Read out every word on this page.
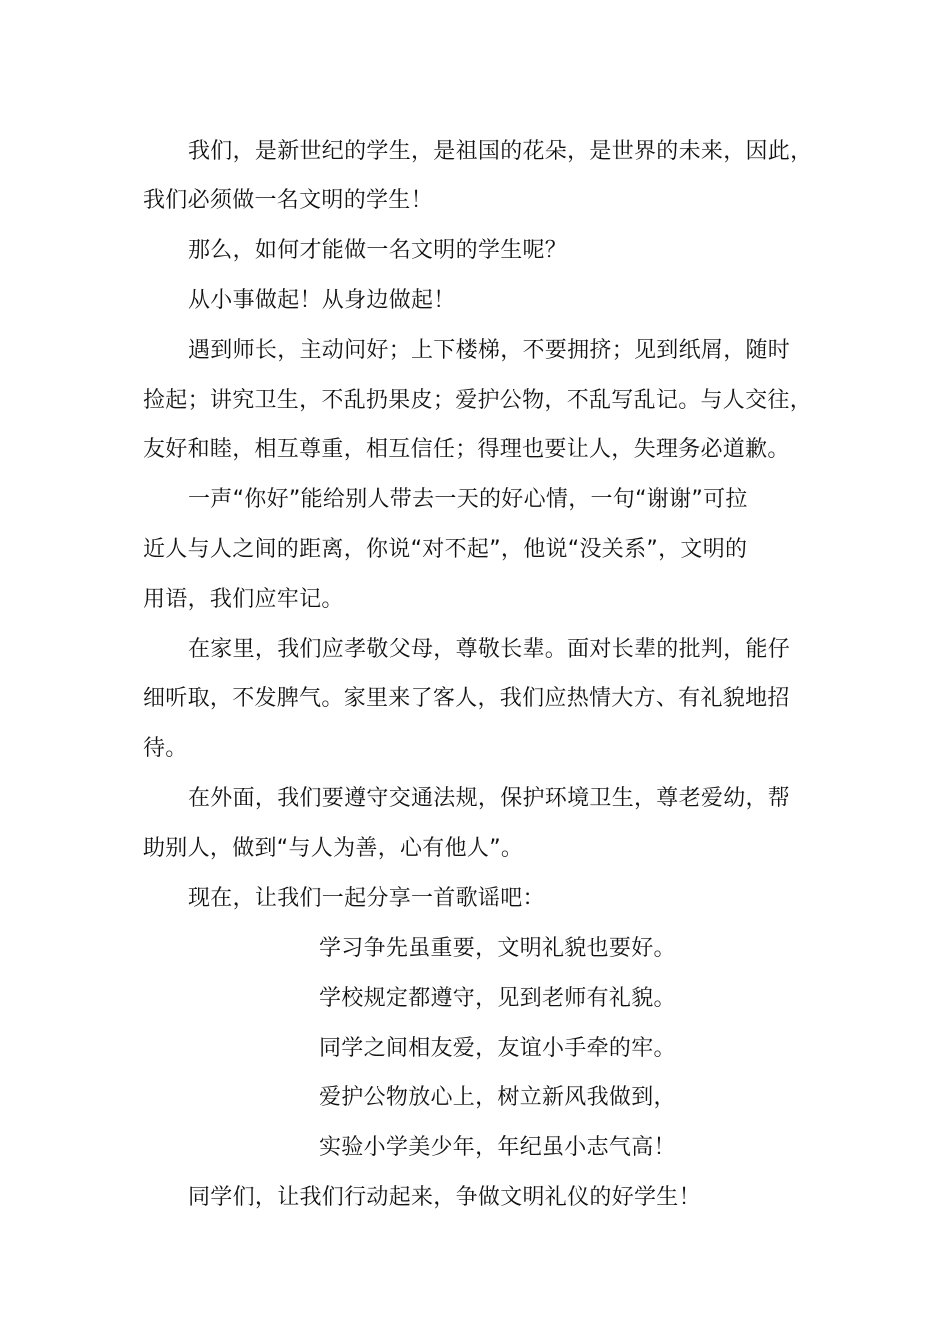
我们，是新世纪的学生，是祖国的花朵，是世界的未来，因此，
我们必须做一名文明的学生！
那么，如何才能做一名文明的学生呢？
从小事做起！从身边做起！
遇到师长，主动问好；上下楼梯，不要拥挤；见到纸屑，随时
捡起；讲究卫生，不乱扔果皮；爱护公物，不乱写乱记。与人交往，
友好和睦，相互尊重，相互信任；得理也要让人，失理务必道歉。
一声“你好”能给别人带去一天的好心情，一句“谢谢”可拉
近人与人之间的距离，你说“对不起”，他说“没关系”，文明的
用语，我们应牢记。
在家里，我们应孝敬父母，尊敬长辈。面对长辈的批判，能仔
细听取，不发脾气。家里来了客人，我们应热情大方、有礼貌地招
待。
在外面，我们要遵守交通法规，保护环境卫生，尊老爱幼，帮
助别人，做到“与人为善，心有他人”。
现在，让我们一起分享一首歌谣吧：
学习争先虽重要，文明礼貌也要好。
学校规定都遵守，见到老师有礼貌。
同学之间相友爱，友谊小手牵的牢。
爱护公物放心上，树立新风我做到，
实验小学美少年，年纪虽小志气高！
同学们，让我们行动起来，争做文明礼仪的好学生！
